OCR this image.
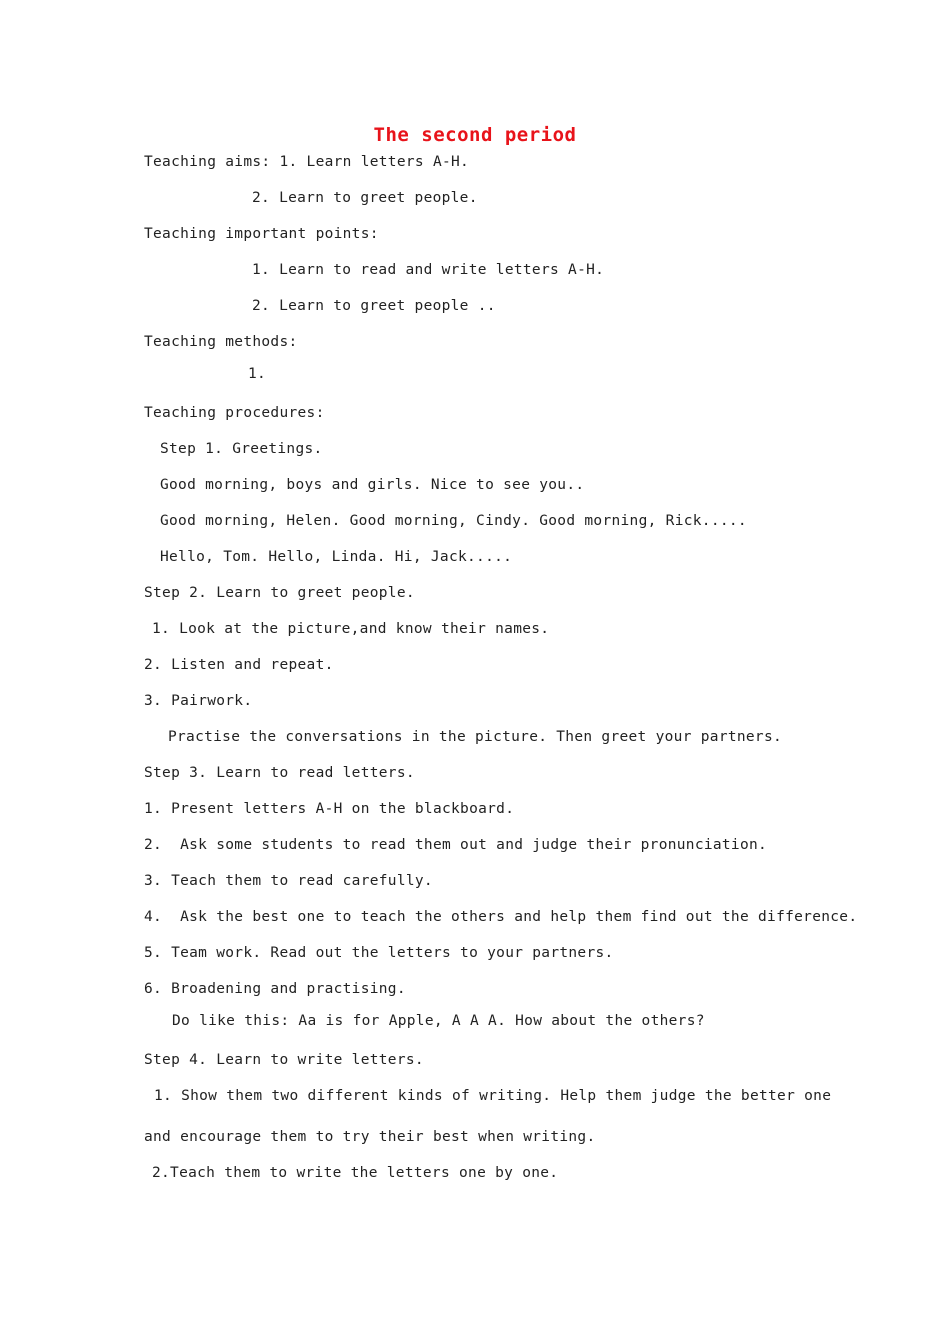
The second period
Teaching aims: 1. Learn letters A-H.
2. Learn to greet people.
Teaching important points:
1. Learn to read and write letters A-H.
2. Learn to greet people ..
Teaching methods:
1.
Teaching procedures:
Step 1. Greetings.
Good morning, boys and girls. Nice to see you..
Good morning, Helen. Good morning, Cindy. Good morning, Rick.....
Hello, Tom. Hello, Linda. Hi, Jack.....
Step 2. Learn to greet people.
1. Look at the picture,and know their names.
2. Listen and repeat.
3. Pairwork.
Practise the conversations in the picture. Then greet your partners.
Step 3. Learn to read letters.
1. Present letters A-H on the blackboard.
2.  Ask some students to read them out and judge their pronunciation.
3. Teach them to read carefully.
4.  Ask the best one to teach the others and help them find out the difference.
5. Team work. Read out the letters to your partners.
6. Broadening and practising.
Do like this: Aa is for Apple, A A A. How about the others?
Step 4. Learn to write letters.
1. Show them two different kinds of writing. Help them judge the better one
and encourage them to try their best when writing.
2.Teach them to write the letters one by one.
